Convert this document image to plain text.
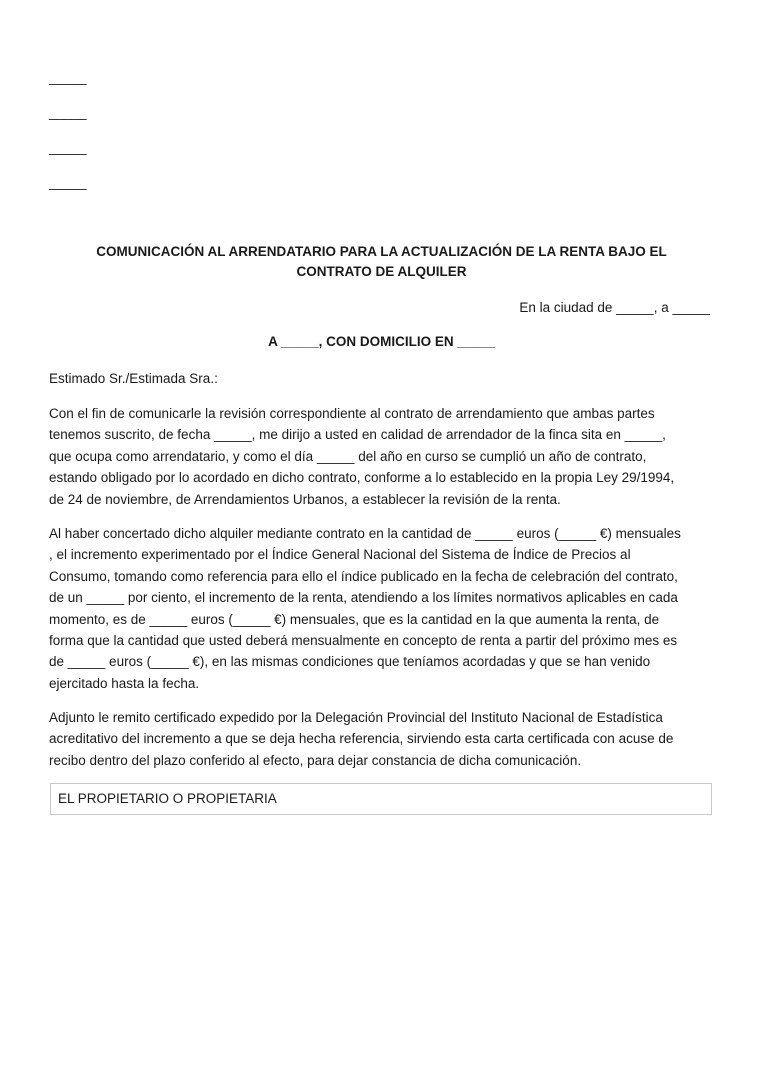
_____
_____
_____
_____
COMUNICACIÓN AL ARRENDATARIO PARA LA ACTUALIZACIÓN DE LA RENTA BAJO EL
CONTRATO DE ALQUILER
En la ciudad de _____, a _____
A _____, CON DOMICILIO EN _____
Estimado Sr./Estimada Sra.:
Con el fin de comunicarle la revisión correspondiente al contrato de arrendamiento que ambas partes
tenemos suscrito, de fecha _____, me dirijo a usted en calidad de arrendador de la finca sita en _____,
que ocupa como arrendatario, y como el día _____ del año en curso se cumplió un año de contrato,
estando obligado por lo acordado en dicho contrato, conforme a lo establecido en la propia Ley 29/1994,
de 24 de noviembre, de Arrendamientos Urbanos, a establecer la revisión de la renta.
Al haber concertado dicho alquiler mediante contrato en la cantidad de _____ euros (_____ €) mensuales
, el incremento experimentado por el Índice General Nacional del Sistema de Índice de Precios al
Consumo, tomando como referencia para ello el índice publicado en la fecha de celebración del contrato,
de un _____ por ciento, el incremento de la renta, atendiendo a los límites normativos aplicables en cada
momento, es de _____ euros (_____ €) mensuales, que es la cantidad en la que aumenta la renta, de
forma que la cantidad que usted deberá mensualmente en concepto de renta a partir del próximo mes es
de _____ euros (_____ €), en las mismas condiciones que teníamos acordadas y que se han venido
ejercitado hasta la fecha.
Adjunto le remito certificado expedido por la Delegación Provincial del Instituto Nacional de Estadística
acreditativo del incremento a que se deja hecha referencia, sirviendo esta carta certificada con acuse de
recibo dentro del plazo conferido al efecto, para dejar constancia de dicha comunicación.
EL PROPIETARIO O PROPIETARIA
